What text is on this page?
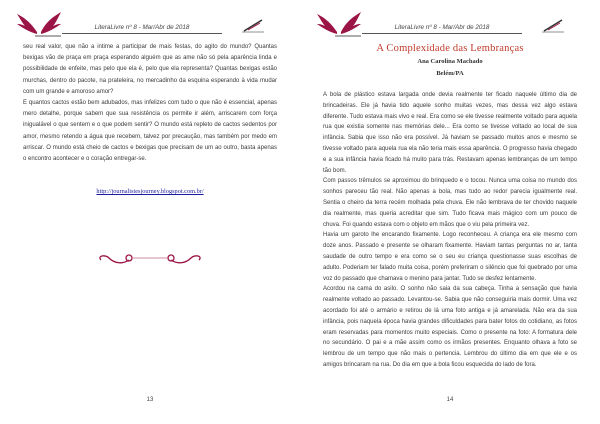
LiteraLivre nº 8 - Mar/Abr de 2018

seu real valor, que não a intime a participar de mais festas, do agito do mundo? Quantas bexigas vão de praça em praça esperando alguém que as ame não só pela aparência linda e possibilidade de enfeite, mas pelo que ela é, pelo que ela representa? Quantas bexigas estão murchas, dentro do pacote, na prateleira, no mercadinho da esquina esperando à vida mudar com um grande e amoroso amor?

E quantos cactos estão bem adubados, mas infelizes com tudo o que não é essencial, apenas mero detalhe, porque sabem que sua resistência os permite ir além, arriscarem com força inigualável o que sentem e o que podem sentir? O mundo está repleto de cactos sedentos por amor, mesmo retendo a água que recebem, talvez por precaução, mas também por medo em arriscar. O mundo está cheio de cactos e bexigas que precisam de um ao outro, basta apenas o encontro acontecer e o coração entregar-se.

http://journalistesjourney.blogspot.com.br/
13
LiteraLivre nº 8 - Mar/Abr de 2018
A Complexidade das Lembranças
Ana Carolina Machado
Belém/PA

A bola de plástico estava largada onde devia realmente ter ficado naquele último dia de brincadeiras. Ele já havia tido aquele sonho muitas vezes, mas dessa vez algo estava diferente. Tudo estava mais vivo e real. Era como se ele tivesse realmente voltado para aquela rua que existia somente nas memórias dele... Era como se tivesse voltado ao local de sua infância. Sabia que isso não era possível. Já haviam se passado muitos anos e mesmo se tivesse voltado para aquela rua ela não teria mais essa aparência. O progresso havia chegado e a sua infância havia ficado há muito para trás. Restavam apenas lembranças de um tempo tão bom.

Com passos trêmulos se aproximou do brinquedo e o tocou. Nunca uma coisa no mundo dos sonhos pareceu tão real. Não apenas a bola, mas tudo ao redor parecia igualmente real. Sentia o cheiro da terra recém molhada pela chuva. Ele não lembrava de ter chovido naquele dia realmente, mas queria acreditar que sim. Tudo ficava mais mágico com um pouco de chuva. Foi quando estava com o objeto em mãos que o viu pela primeira vez.

Havia um garoto lhe encarando fixamente. Logo reconheceu. A criança era ele mesmo com doze anos. Passado e presente se olharam fixamente. Haviam tantas perguntas no ar, tanta saudade de outro tempo e era como se o seu eu criança questionasse suas escolhas de adulto. Poderiam ter falado muita coisa, porém preferiram o silêncio que foi quebrado por uma voz do passado que chamava o menino para jantar. Tudo se desfez lentamente.

Acordou na cama do asilo. O sonho não saia da sua cabeça. Tinha a sensação que havia realmente voltado ao passado. Levantou-se. Sabia que não conseguiria mais dormir. Uma vez acordado foi até o armário e retirou de lá uma foto antiga e já amarelada. Não era da sua infância, pois naquela época havia grandes dificuldades para bater fotos do cotidiano, as fotos eram reservadas para momentos muito especiais. Como o presente na foto: A formatura dele no secundário. O pai e a mãe assim como os irmãos presentes. Enquanto olhava a foto se lembrou de um tempo que não mais o pertencia. Lembrou do último dia em que ele e os amigos brincaram na rua. Do dia em que a bola ficou esquecida do lado de fora.

14
